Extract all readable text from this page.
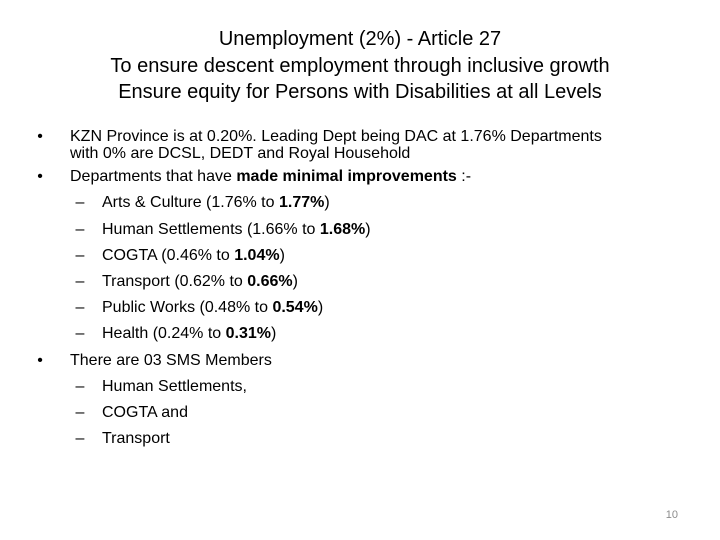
Unemployment (2%) - Article 27
To ensure descent employment through inclusive growth
Ensure equity for Persons with Disabilities at all Levels
•	KZN Province is at 0.20%. Leading Dept being DAC at 1.76% Departments
with 0% are DCSL, DEDT and Royal Household
•	Departments that have made minimal improvements :-
–	Arts & Culture (1.76% to 1.77%)
–	Human Settlements (1.66% to 1.68%)
–	COGTA (0.46% to 1.04%)
–	Transport (0.62% to 0.66%)
–	Public Works (0.48% to 0.54%)
–	Health (0.24% to 0.31%)
•	There are 03 SMS Members
–	Human Settlements,
–	COGTA and
–	Transport
10
